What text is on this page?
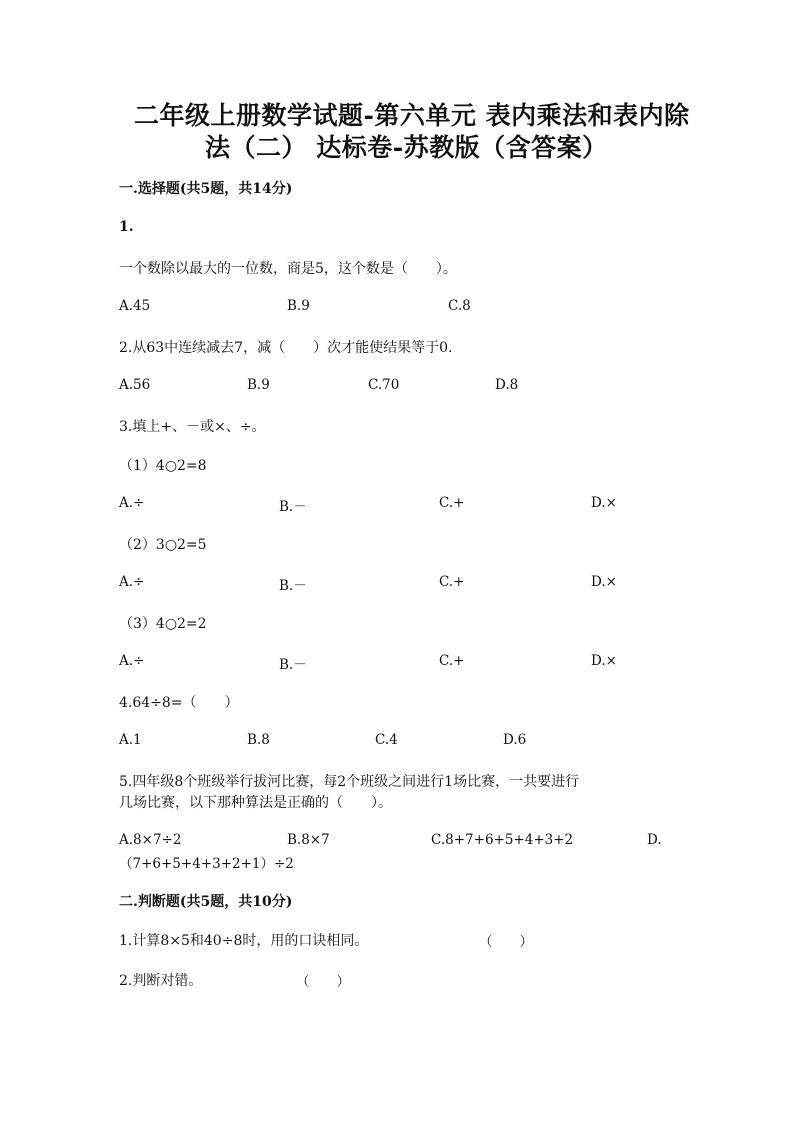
二年级上册数学试题-第六单元 表内乘法和表内除
法（二） 达标卷-苏教版（含答案）
一.选择题(共5题，共14分)
1.
一个数除以最大的一位数，商是5，这个数是（　　）。
A.45	B.9	C.8
2.从63中连续减去7，减（　　）次才能使结果等于0.
A.56	B.9	C.70	D.8
3.填上+、－或×、÷。
（1）4○2=8
A.÷	B.－	C.+	D.×
（2）3○2=5
A.÷	B.－	C.+	D.×
（3）4○2=2
A.÷	B.－	C.+	D.×
4.64÷8=（　　）
A.1	B.8	C.4	D.6
5.四年级8个班级举行拔河比赛，每2个班级之间进行1场比赛，一共要进行
几场比赛，以下那种算法是正确的（　　）。
A.8×7÷2	B.8×7	C.8+7+6+5+4+3+2	D.
（7+6+5+4+3+2+1）÷2
二.判断题(共5题，共10分)
1.计算8×5和40÷8时，用的口诀相同。	（　　）
2.判断对错。	（　　）
